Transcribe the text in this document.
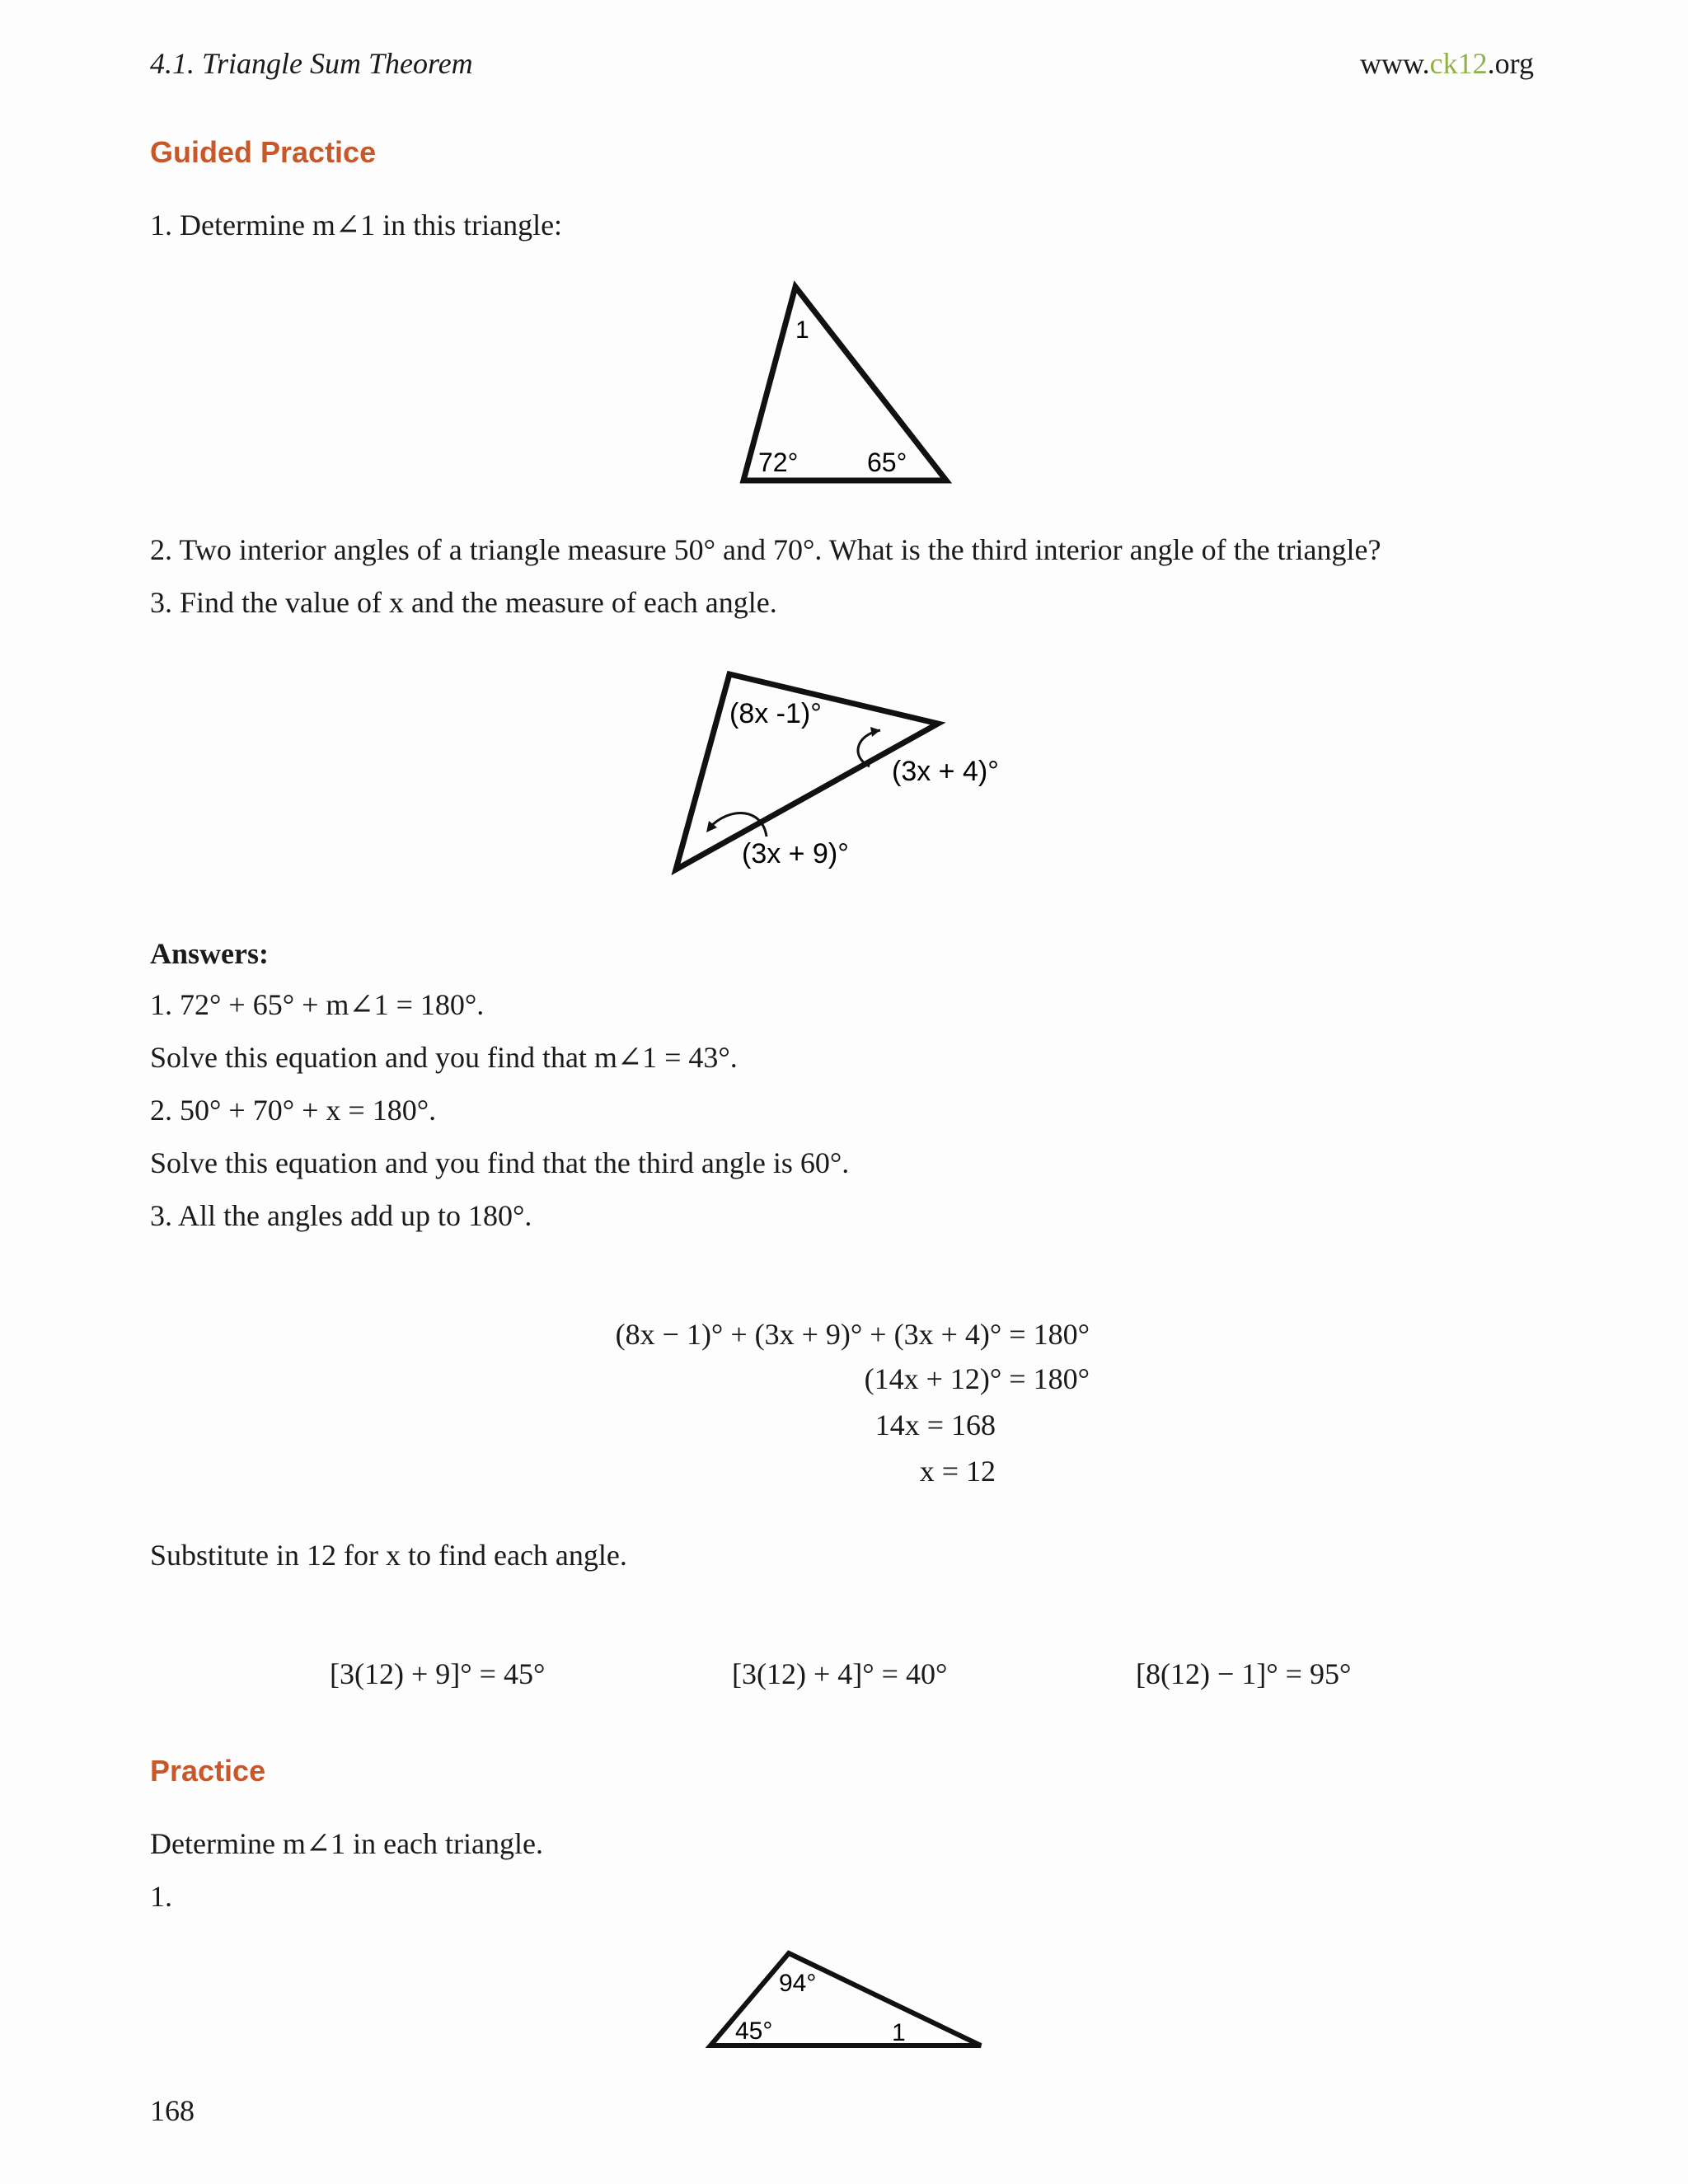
4.1. Triangle Sum Theorem	www.ck12.org
Guided Practice
1. Determine m∠1 in this triangle:
1
72°	65°
2. Two interior angles of a triangle measure 50° and 70°. What is the third interior angle of the triangle?
3. Find the value of x and the measure of each angle.
(8x -1)°
(3x + 4)°
(3x + 9)°
Answers:
1. 72° + 65° + m∠1 = 180°.
Solve this equation and you find that m∠1 = 43°.
2. 50° + 70° + x = 180°.
Solve this equation and you find that the third angle is 60°.
3. All the angles add up to 180°.
(8x − 1)° + (3x + 9)° + (3x + 4)° = 180°
(14x + 12)° = 180°
14x = 168
x = 12
Substitute in 12 for x to find each angle.
[3(12) + 9]° = 45°	[3(12) + 4]° = 40°	[8(12) − 1]° = 95°
Practice
Determine m∠1 in each triangle.
1.
94°
45°	1
168
